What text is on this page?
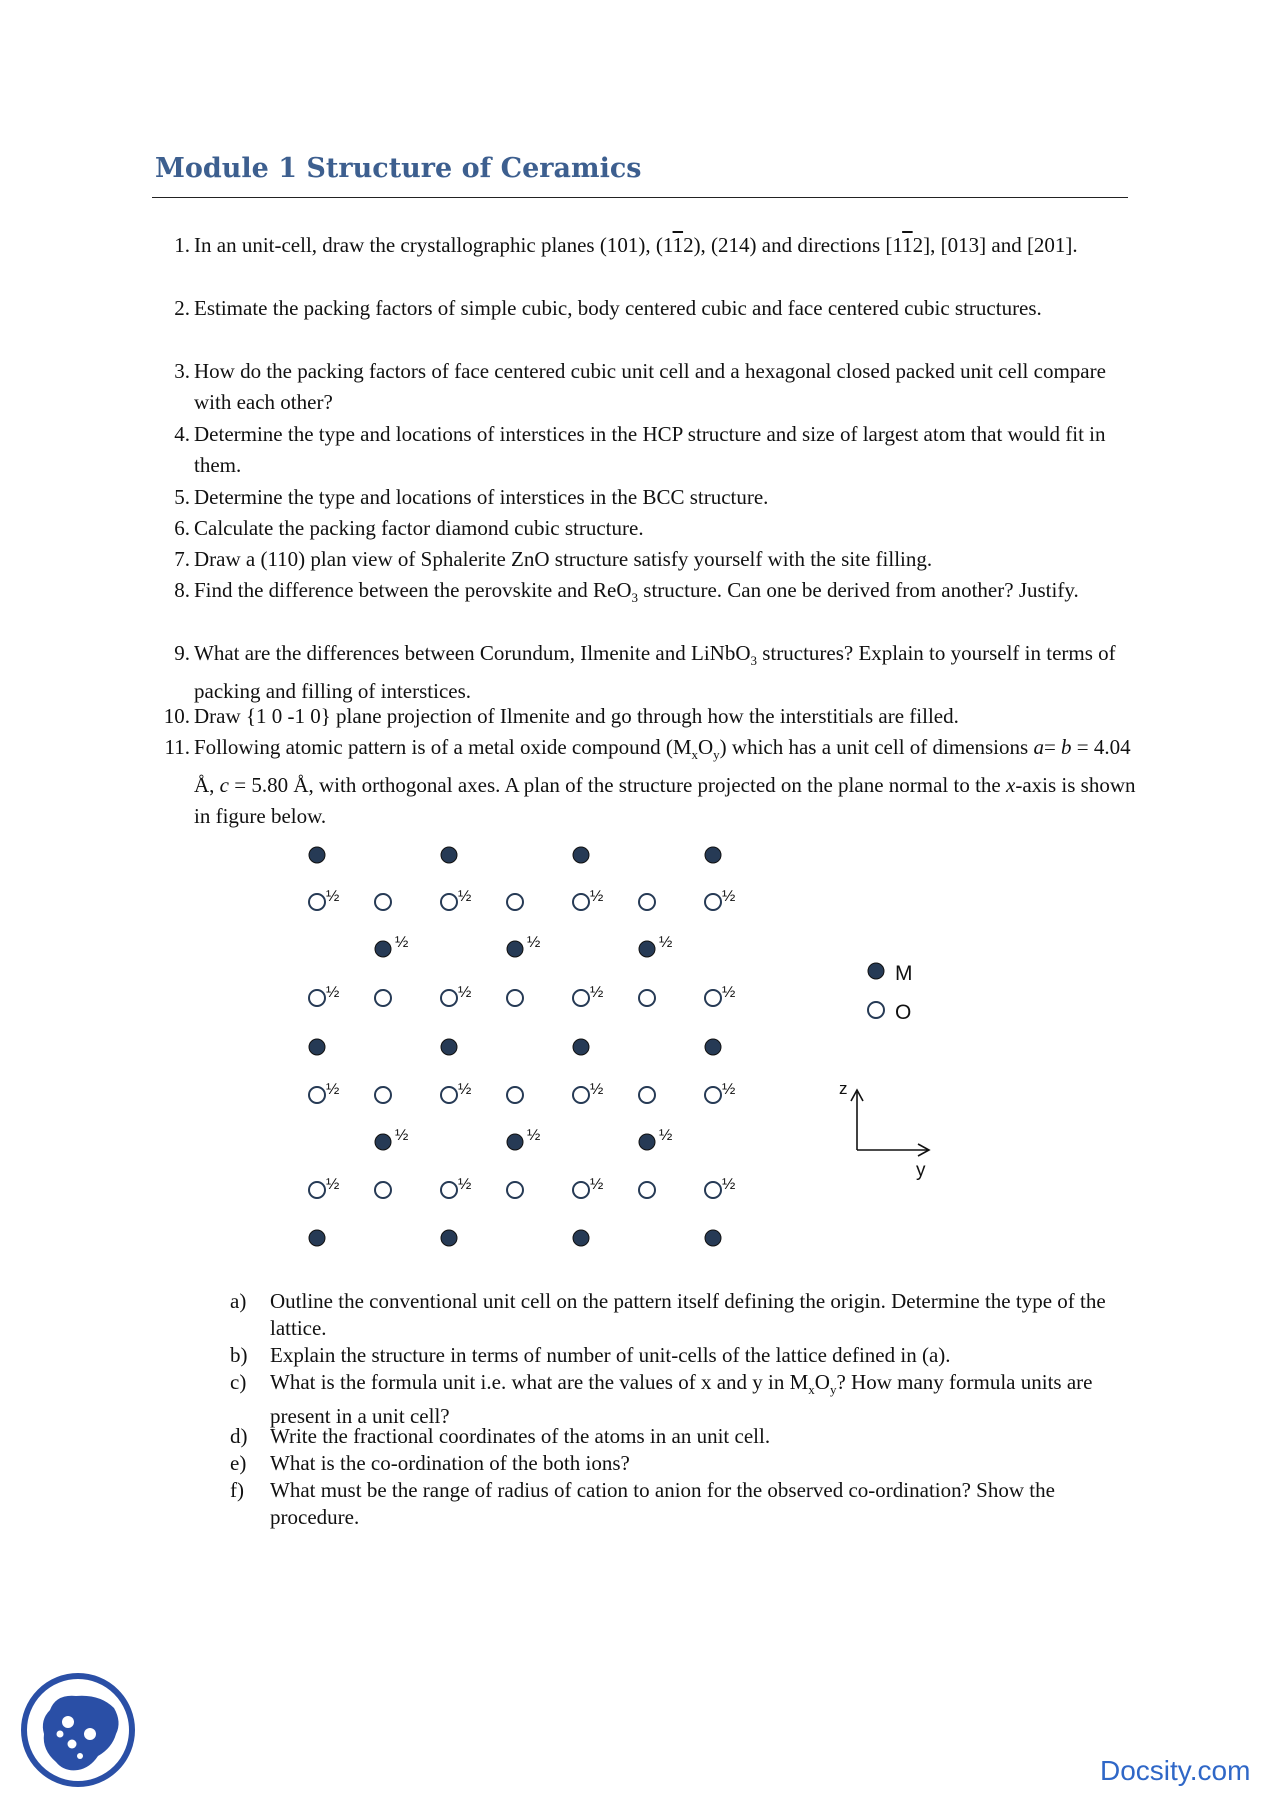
Module 1 Structure of Ceramics
1. In an unit-cell, draw the crystallographic planes (101), (112), (214) and directions [112], [013] and [201].
2. Estimate the packing factors of simple cubic, body centered cubic and face centered cubic structures.
3. How do the packing factors of face centered cubic unit cell and a hexagonal closed packed unit cell compare with each other?
4. Determine the type and locations of interstices in the HCP structure and size of largest atom that would fit in them.
5. Determine the type and locations of interstices in the BCC structure.
6. Calculate the packing factor diamond cubic structure.
7. Draw a (110) plan view of Sphalerite ZnO structure satisfy yourself with the site filling.
8. Find the difference between the perovskite and ReO$_3$ structure. Can one be derived from another? Justify.
9. What are the differences between Corundum, Ilmenite and LiNbO$_3$ structures? Explain to yourself in terms of packing and filling of interstices.
10. Draw {1 0 -1 0} plane projection of Ilmenite and go through how the interstitials are filled.
11. Following atomic pattern is of a metal oxide compound $(M_xO_y)$ which has a unit cell of dimensions a= b = 4.04 Å, c = 5.80 Å, with orthogonal axes. A plan of the structure projected on the plane normal to the x-axis is shown in figure below.
½	½	½
½	½	½
½	½	½	½
½	½	½	½
½	½	½	½
½	½	½	½
M
O
z
y
a)	Outline the conventional unit cell on the pattern itself defining the origin. Determine the type of the lattice.
b)	Explain the structure in terms of number of unit-cells of the lattice defined in (a).
c)	What is the formula unit i.e. what are the values of x and y in $M_xO_y$? How many formula units are present in a unit cell?
d)	Write the fractional coordinates of the atoms in an unit cell.
e)	What is the co-ordination of the both ions?
f)	What must be the range of radius of cation to anion for the observed co-ordination? Show the procedure.
Docsity.com
